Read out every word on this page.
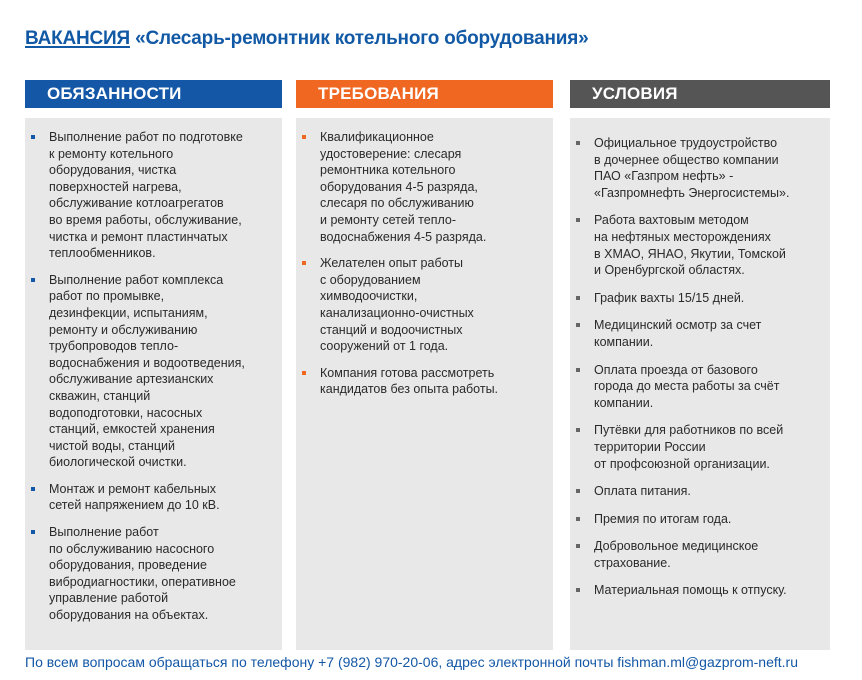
ВАКАНСИЯ «Слесарь-ремонтник котельного оборудования»
ОБЯЗАННОСТИ
Выполнение работ по подготовке
к ремонту котельного
оборудования, чистка
поверхностей нагрева,
обслуживание котлоагрегатов
во время работы, обслуживание,
чистка и ремонт пластинчатых
теплообменников.
Выполнение работ комплекса
работ по промывке,
дезинфекции, испытаниям,
ремонту и обслуживанию
трубопроводов тепло-
водоснабжения и водоотведения,
обслуживание артезианских
скважин, станций
водоподготовки, насосных
станций, емкостей хранения
чистой воды, станций
биологической очистки.
Монтаж и ремонт кабельных
сетей напряжением до 10 кВ.
Выполнение работ
по обслуживанию насосного
оборудования, проведение
вибродиагностики, оперативное
управление работой
оборудования на объектах.
ТРЕБОВАНИЯ
Квалификационное
удостоверение: слесаря
ремонтника котельного
оборудования 4-5 разряда,
слесаря по обслуживанию
и ремонту сетей тепло-
водоснабжения 4-5 разряда.
Желателен опыт работы
с оборудованием
химводоочистки,
канализационно-очистных
станций и водоочистных
сооружений от 1 года.
Компания готова рассмотреть
кандидатов без опыта работы.
УСЛОВИЯ
Официальное трудоустройство
в дочернее общество компании
ПАО «Газпром нефть» -
«Газпромнефть Энергосистемы».
Работа вахтовым методом
на нефтяных месторождениях
в ХМАО, ЯНАО, Якутии, Томской
и Оренбургской областях.
График вахты 15/15 дней.
Медицинский осмотр за счет
компании.
Оплата проезда от базового
города до места работы за счёт
компании.
Путёвки для работников по всей
территории России
от профсоюзной организации.
Оплата питания.
Премия по итогам года.
Добровольное медицинское
страхование.
Материальная помощь к отпуску.
По всем вопросам обращаться по телефону +7 (982) 970-20-06, адрес электронной почты fishman.ml@gazprom-neft.ru
